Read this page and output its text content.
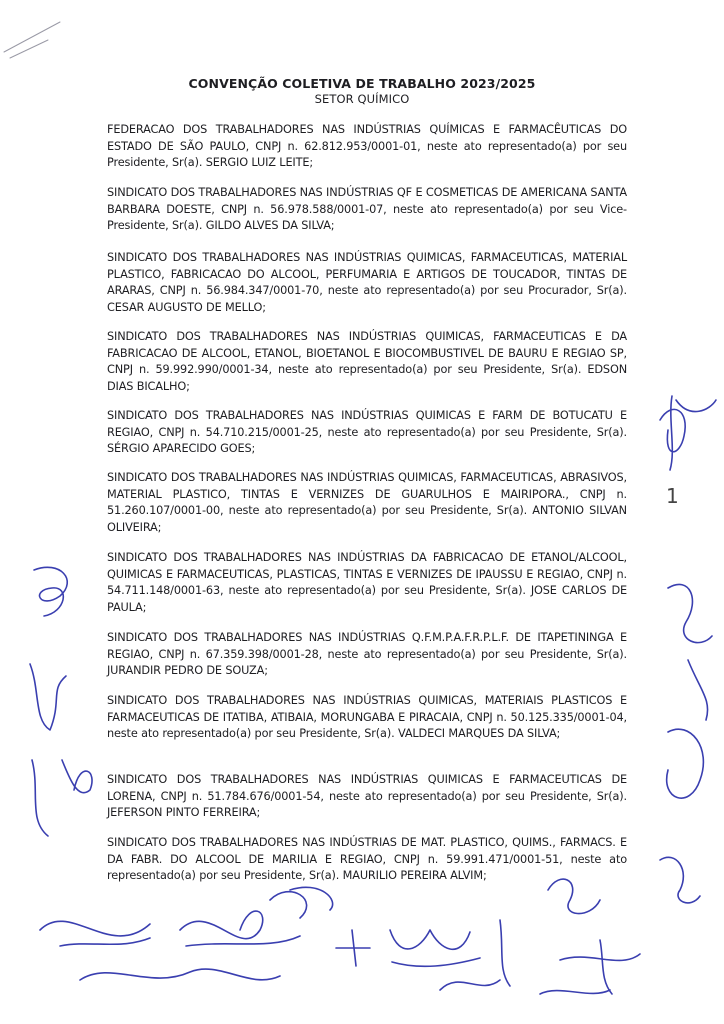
CONVENÇÃO COLETIVA DE TRABALHO 2023/2025
SETOR QUÍMICO
FEDERACAO DOS TRABALHADORES NAS INDÚSTRIAS QUÍMICAS E FARMACÊUTICAS DO ESTADO DE SÃO PAULO, CNPJ n. 62.812.953/0001-01, neste ato representado(a) por seu Presidente, Sr(a). SERGIO LUIZ LEITE;
SINDICATO DOS TRABALHADORES NAS INDÚSTRIAS QF E COSMETICAS DE AMERICANA SANTA BARBARA DOESTE, CNPJ n. 56.978.588/0001-07, neste ato representado(a) por seu Vice-Presidente, Sr(a). GILDO ALVES DA SILVA;
SINDICATO DOS TRABALHADORES NAS INDÚSTRIAS QUIMICAS, FARMACEUTICAS, MATERIAL PLASTICO, FABRICACAO DO ALCOOL, PERFUMARIA E ARTIGOS DE TOUCADOR, TINTAS DE ARARAS, CNPJ n. 56.984.347/0001-70, neste ato representado(a) por seu Procurador, Sr(a). CESAR AUGUSTO DE MELLO;
SINDICATO DOS TRABALHADORES NAS INDÚSTRIAS QUIMICAS, FARMACEUTICAS E DA FABRICACAO DE ALCOOL, ETANOL, BIOETANOL E BIOCOMBUSTIVEL DE BAURU E REGIAO SP, CNPJ n. 59.992.990/0001-34, neste ato representado(a) por seu Presidente, Sr(a). EDSON DIAS BICALHO;
SINDICATO DOS TRABALHADORES NAS INDÚSTRIAS QUIMICAS E FARM DE BOTUCATU E REGIAO, CNPJ n. 54.710.215/0001-25, neste ato representado(a) por seu Presidente, Sr(a). SÉRGIO APARECIDO GOES;
SINDICATO DOS TRABALHADORES NAS INDÚSTRIAS QUIMICAS, FARMACEUTICAS, ABRASIVOS, MATERIAL PLASTICO, TINTAS E VERNIZES DE GUARULHOS E MAIRIPORA., CNPJ n. 51.260.107/0001-00, neste ato representado(a) por seu Presidente, Sr(a). ANTONIO SILVAN OLIVEIRA;
SINDICATO DOS TRABALHADORES NAS INDÚSTRIAS DA FABRICACAO DE ETANOL/ALCOOL, QUIMICAS E FARMACEUTICAS, PLASTICAS, TINTAS E VERNIZES DE IPAUSSU E REGIAO, CNPJ n. 54.711.148/0001-63, neste ato representado(a) por seu Presidente, Sr(a). JOSE CARLOS DE PAULA;
SINDICATO DOS TRABALHADORES NAS INDÚSTRIAS Q.F.M.P.A.F.R.P.L.F. DE ITAPETININGA E REGIAO, CNPJ n. 67.359.398/0001-28, neste ato representado(a) por seu Presidente, Sr(a). JURANDIR PEDRO DE SOUZA;
SINDICATO DOS TRABALHADORES NAS INDÚSTRIAS QUIMICAS, MATERIAIS PLASTICOS E FARMACEUTICAS DE ITATIBA, ATIBAIA, MORUNGABA E PIRACAIA, CNPJ n. 50.125.335/0001-04, neste ato representado(a) por seu Presidente, Sr(a). VALDECI MARQUES DA SILVA;
SINDICATO DOS TRABALHADORES NAS INDÚSTRIAS QUIMICAS E FARMACEUTICAS DE LORENA, CNPJ n. 51.784.676/0001-54, neste ato representado(a) por seu Presidente, Sr(a). JEFERSON PINTO FERREIRA;
SINDICATO DOS TRABALHADORES NAS INDÚSTRIAS DE MAT. PLASTICO, QUIMS., FARMACS. E DA FABR. DO ALCOOL DE MARILIA E REGIAO, CNPJ n. 59.991.471/0001-51, neste ato representado(a) por seu Presidente, Sr(a). MAURILIO PEREIRA ALVIM;
1
